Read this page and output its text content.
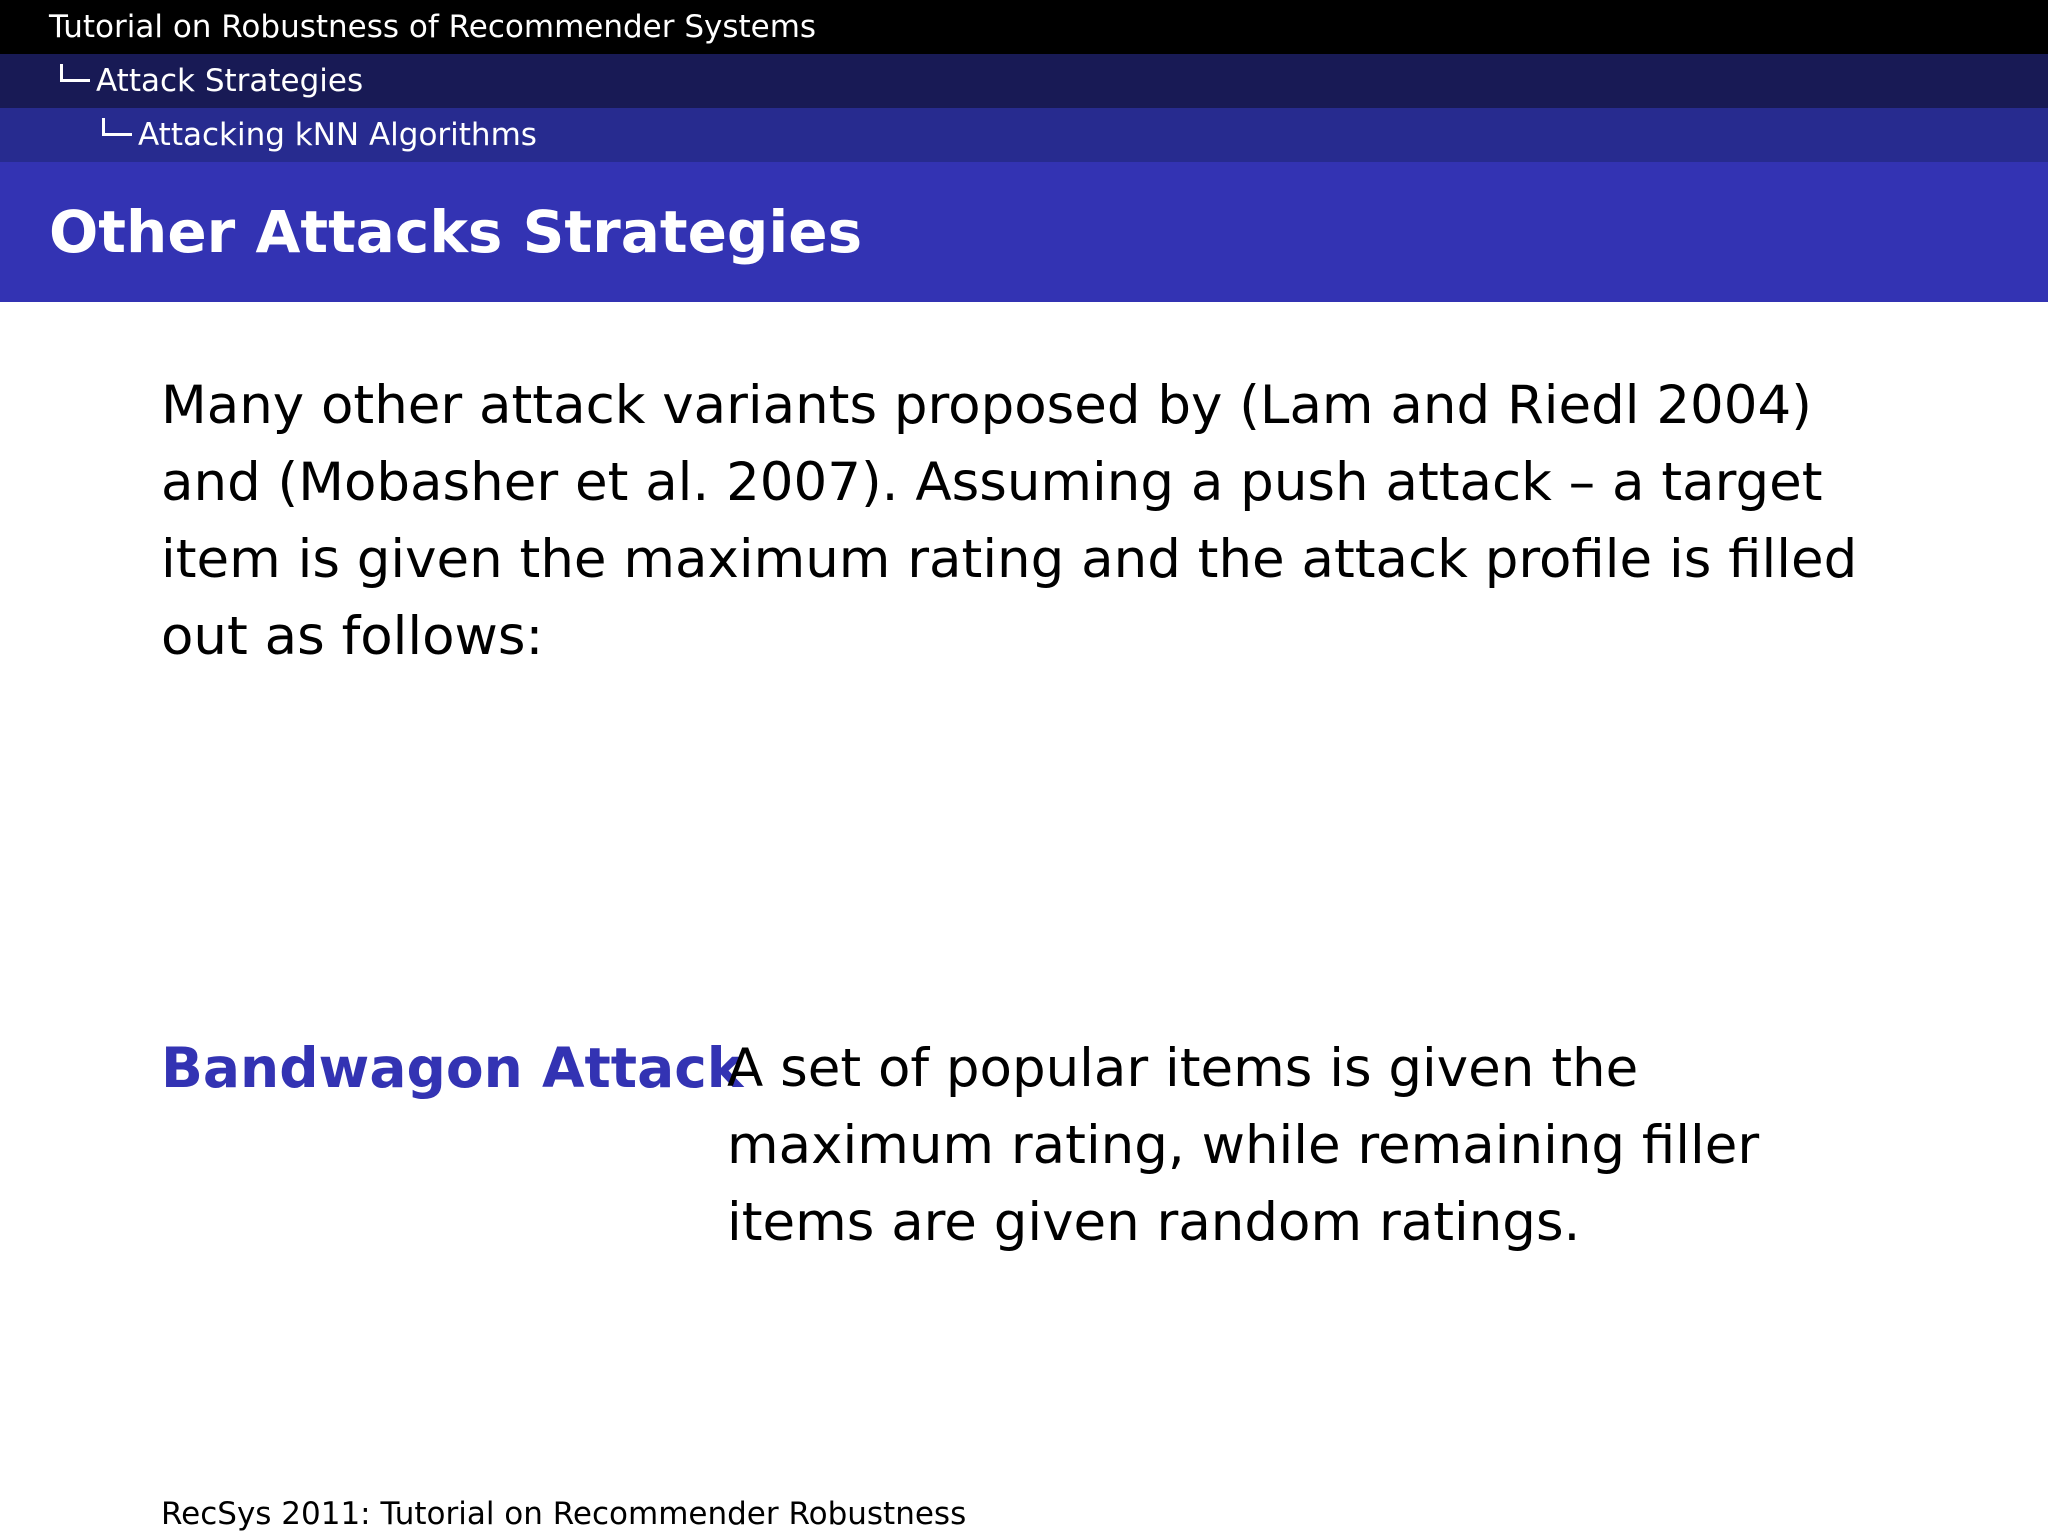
Tutorial on Robustness of Recommender Systems
Attack Strategies
Attacking kNN Algorithms
Other Attacks Strategies

Many other attack variants proposed by (Lam and Riedl 2004) and (Mobasher et al. 2007). Assuming a push attack – a target item is given the maximum rating and the attack profile is filled out as follows:

Bandwagon Attack

A set of popular items is given the maximum rating, while remaining filler items are given random ratings.

RecSys 2011: Tutorial on Recommender Robustness
